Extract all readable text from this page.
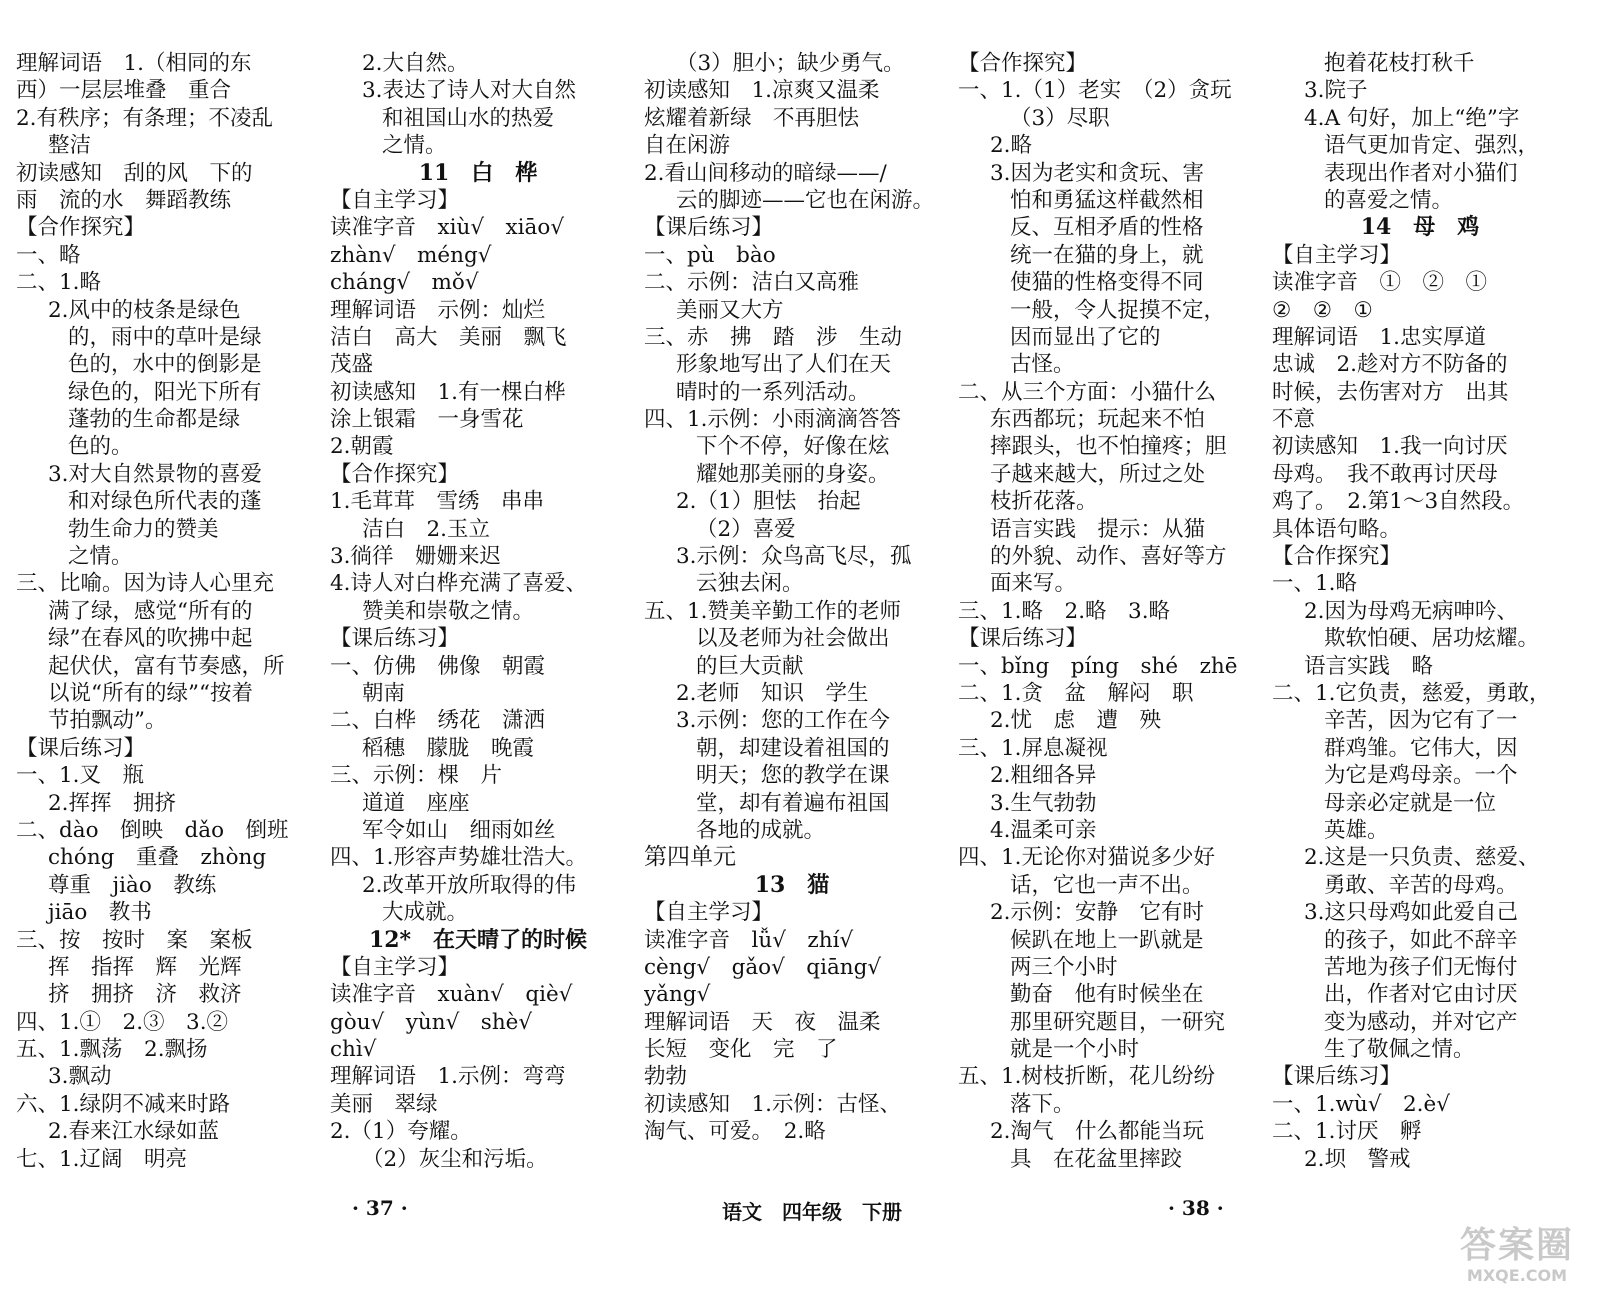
理解词语　1.（相同的东
西）一层层堆叠　重合
2.有秩序；有条理；不凌乱
整洁
初读感知　刮的风　下的
雨　流的水　舞蹈教练
【合作探究】
一、略
二、1.略
2.风中的枝条是绿色
的，雨中的草叶是绿
色的，水中的倒影是
绿色的，阳光下所有
蓬勃的生命都是绿
色的。
3.对大自然景物的喜爱
和对绿色所代表的蓬
勃生命力的赞美
之情。
三、比喻。因为诗人心里充
满了绿，感觉“所有的
绿”在春风的吹拂中起
起伏伏，富有节奏感，所
以说“所有的绿”“按着
节拍飘动”。
【课后练习】
一、1.叉　瓶
2.挥挥　拥挤
二、dào　倒映　dǎo　倒班
chóng　重叠　zhòng
尊重　jiào　教练
jiāo　教书
三、按　按时　案　案板
挥　指挥　辉　光辉
挤　拥挤　济　救济
四、1.①　2.③　3.②
五、1.飘荡　2.飘扬
3.飘动
六、1.绿阴不减来时路
2.春来江水绿如蓝
七、1.辽阔　明亮
2.大自然。
3.表达了诗人对大自然
和祖国山水的热爱
之情。
11　白　桦
【自主学习】
读准字音　xiù√　xiāo√
zhàn√　méng√
cháng√　mǒ√
理解词语　示例：灿烂
洁白　高大　美丽　飘飞
茂盛
初读感知　1.有一棵白桦
涂上银霜　一身雪花
2.朝霞
【合作探究】
1.毛茸茸　雪绣　串串
洁白　2.玉立
3.徜徉　姗姗来迟
4.诗人对白桦充满了喜爱、
赞美和崇敬之情。
【课后练习】
一、仿佛　佛像　朝霞
朝南
二、白桦　绣花　潇洒
稻穗　朦胧　晚霞
三、示例：棵　片
道道　座座
军令如山　细雨如丝
四、1.形容声势雄壮浩大。
2.改革开放所取得的伟
大成就。
12*　在天晴了的时候
【自主学习】
读准字音　xuàn√　qiè√
gòu√　yùn√　shè√
chì√
理解词语　1.示例：弯弯
美丽　翠绿
2.（1）夸耀。
（2）灰尘和污垢。
（3）胆小；缺少勇气。
初读感知　1.凉爽又温柔
炫耀着新绿　不再胆怯
自在闲游
2.看山间移动的暗绿——/
云的脚迹——它也在闲游。
【课后练习】
一、pù　bào
二、示例：洁白又高雅
美丽又大方
三、赤　拂　踏　涉　生动
形象地写出了人们在天
晴时的一系列活动。
四、1.示例：小雨滴滴答答
下个不停，好像在炫
耀她那美丽的身姿。
2.（1）胆怯　抬起
（2）喜爱
3.示例：众鸟高飞尽，孤
云独去闲。
五、1.赞美辛勤工作的老师
以及老师为社会做出
的巨大贡献
2.老师　知识　学生
3.示例：您的工作在今
朝，却建设着祖国的
明天；您的教学在课
堂，却有着遍布祖国
各地的成就。
第四单元
13　猫
【自主学习】
读准字音　lǚ√　zhí√
cèng√　gǎo√　qiāng√
yǎng√
理解词语　天　夜　温柔
长短　变化　完　了
勃勃
初读感知　1.示例：古怪、
淘气、可爱。　2.略
【合作探究】
一、1.（1）老实　（2）贪玩
（3）尽职
2.略
3.因为老实和贪玩、害
怕和勇猛这样截然相
反、互相矛盾的性格
统一在猫的身上，就
使猫的性格变得不同
一般，令人捉摸不定，
因而显出了它的
古怪。
二、从三个方面：小猫什么
东西都玩；玩起来不怕
摔跟头，也不怕撞疼；胆
子越来越大，所过之处
枝折花落。
语言实践　提示：从猫
的外貌、动作、喜好等方
面来写。
三、1.略　2.略　3.略
【课后练习】
一、bǐng　píng　shé　zhē
二、1.贪　盆　解闷　职
2.忧　虑　遭　殃
三、1.屏息凝视
2.粗细各异
3.生气勃勃
4.温柔可亲
四、1.无论你对猫说多少好
话，它也一声不出。
2.示例：安静　它有时
候趴在地上一趴就是
两三个小时
勤奋　他有时候坐在
那里研究题目，一研究
就是一个小时
五、1.树枝折断，花儿纷纷
落下。
2.淘气　什么都能当玩
具　在花盆里摔跤
抱着花枝打秋千
3.院子
4.A 句好，加上“绝”字
语气更加肯定、强烈，
表现出作者对小猫们
的喜爱之情。
14　母　鸡
【自主学习】
读准字音　①　②　①
②　②　①
理解词语　1.忠实厚道
忠诚　2.趁对方不防备的
时候，去伤害对方　出其
不意
初读感知　1.我一向讨厌
母鸡。　我不敢再讨厌母
鸡了。　2.第1～3自然段。
具体语句略。
【合作探究】
一、1.略
2.因为母鸡无病呻吟、
欺软怕硬、居功炫耀。
语言实践　略
二、1.它负责，慈爱，勇敢，
辛苦，因为它有了一
群鸡雏。它伟大，因
为它是鸡母亲。一个
母亲必定就是一位
英雄。
2.这是一只负责、慈爱、
勇敢、辛苦的母鸡。
3.这只母鸡如此爱自己
的孩子，如此不辞辛
苦地为孩子们无悔付
出，作者对它由讨厌
变为感动，并对它产
生了敬佩之情。
【课后练习】
一、1.wù√　2.è√
二、1.讨厌　孵
2.坝　警戒
· 37 ·	语文　四年级　下册	· 38 ·
答案圈
MXQE.COM
